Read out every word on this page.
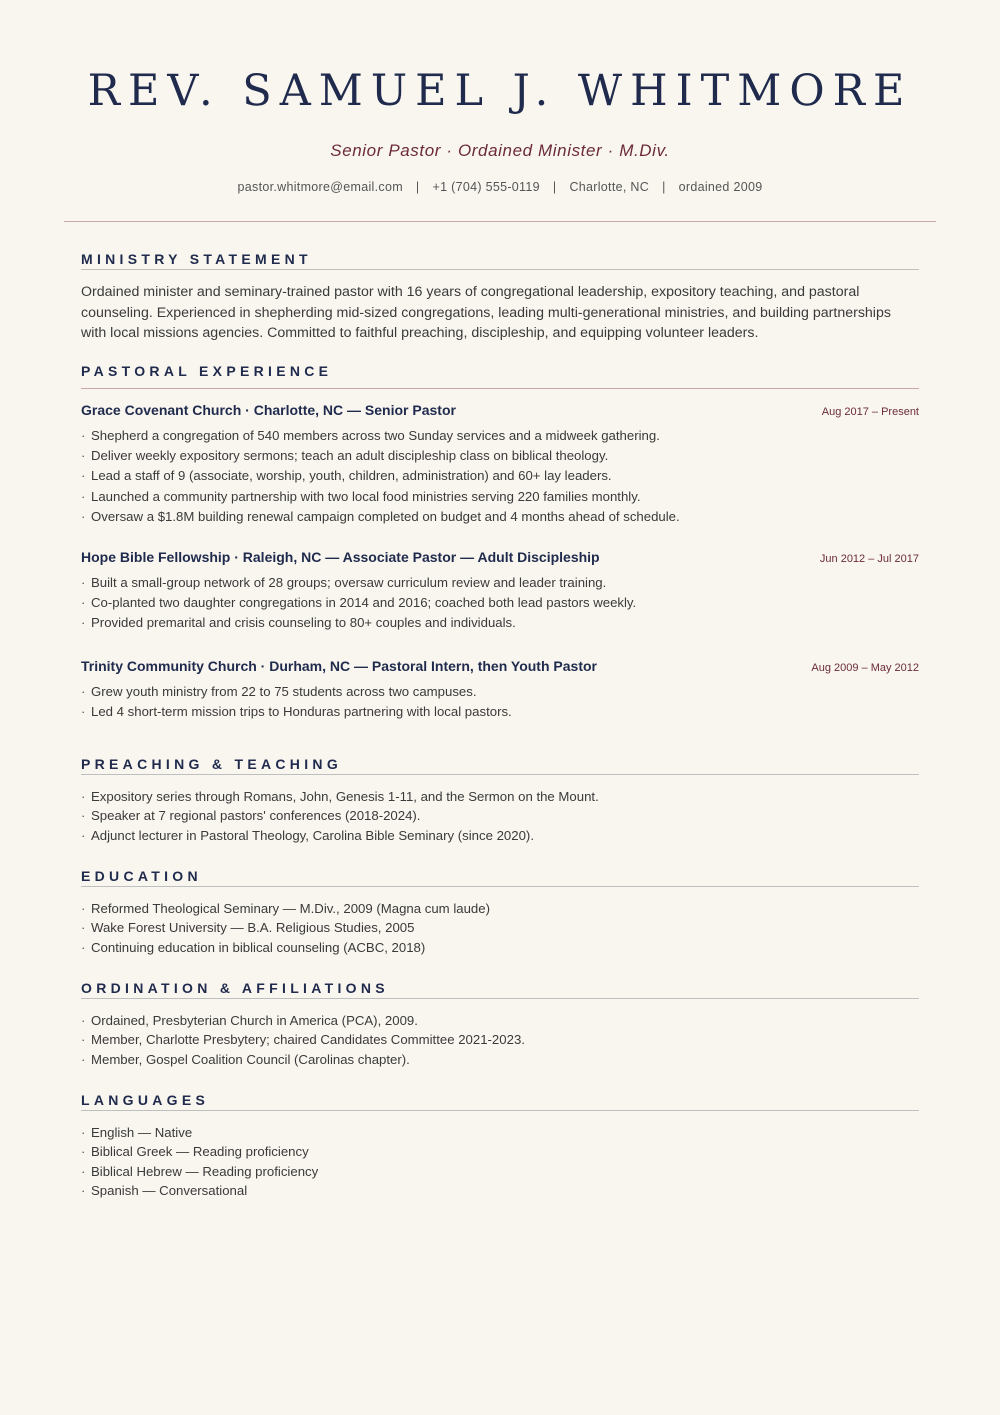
REV. SAMUEL J. WHITMORE
Senior Pastor · Ordained Minister · M.Div.
pastor.whitmore@email.com | +1 (704) 555-0119 | Charlotte, NC | ordained 2009
MINISTRY STATEMENT
Ordained minister and seminary-trained pastor with 16 years of congregational leadership, expository teaching, and pastoral counseling. Experienced in shepherding mid-sized congregations, leading multi-generational ministries, and building partnerships with local missions agencies. Committed to faithful preaching, discipleship, and equipping volunteer leaders.
PASTORAL EXPERIENCE
Grace Covenant Church · Charlotte, NC — Senior Pastor	Aug 2017 – Present
· Shepherd a congregation of 540 members across two Sunday services and a midweek gathering.
· Deliver weekly expository sermons; teach an adult discipleship class on biblical theology.
· Lead a staff of 9 (associate, worship, youth, children, administration) and 60+ lay leaders.
· Launched a community partnership with two local food ministries serving 220 families monthly.
· Oversaw a $1.8M building renewal campaign completed on budget and 4 months ahead of schedule.
Hope Bible Fellowship · Raleigh, NC — Associate Pastor — Adult Discipleship	Jun 2012 – Jul 2017
· Built a small-group network of 28 groups; oversaw curriculum review and leader training.
· Co-planted two daughter congregations in 2014 and 2016; coached both lead pastors weekly.
· Provided premarital and crisis counseling to 80+ couples and individuals.
Trinity Community Church · Durham, NC — Pastoral Intern, then Youth Pastor	Aug 2009 – May 2012
· Grew youth ministry from 22 to 75 students across two campuses.
· Led 4 short-term mission trips to Honduras partnering with local pastors.
PREACHING & TEACHING
· Expository series through Romans, John, Genesis 1-11, and the Sermon on the Mount.
· Speaker at 7 regional pastors' conferences (2018-2024).
· Adjunct lecturer in Pastoral Theology, Carolina Bible Seminary (since 2020).
EDUCATION
· Reformed Theological Seminary — M.Div., 2009 (Magna cum laude)
· Wake Forest University — B.A. Religious Studies, 2005
· Continuing education in biblical counseling (ACBC, 2018)
ORDINATION & AFFILIATIONS
· Ordained, Presbyterian Church in America (PCA), 2009.
· Member, Charlotte Presbytery; chaired Candidates Committee 2021-2023.
· Member, Gospel Coalition Council (Carolinas chapter).
LANGUAGES
· English — Native
· Biblical Greek — Reading proficiency
· Biblical Hebrew — Reading proficiency
· Spanish — Conversational
